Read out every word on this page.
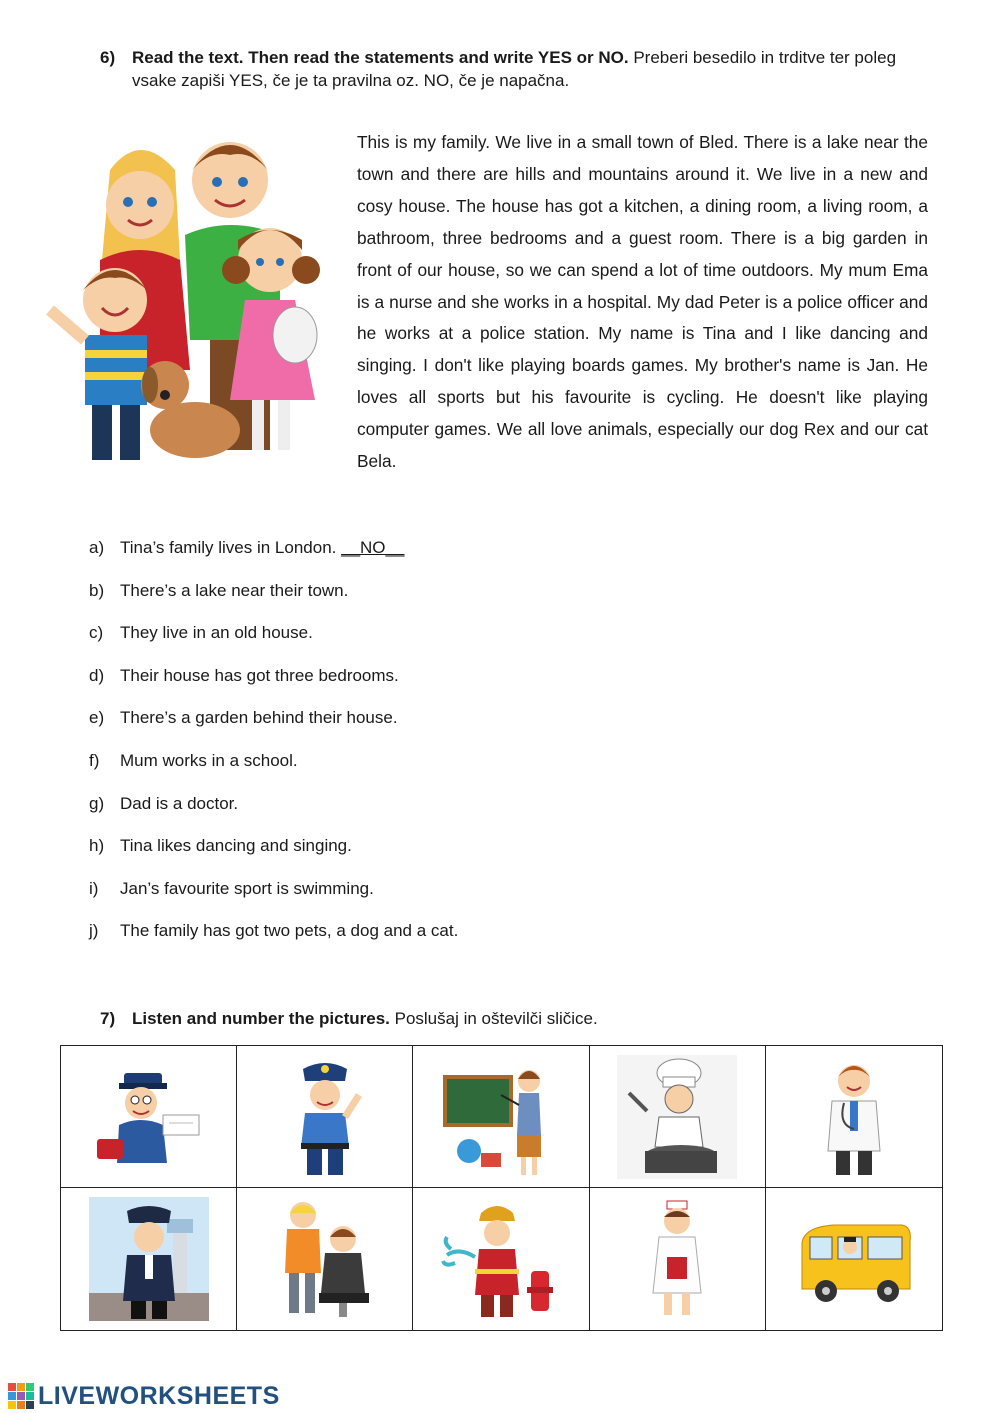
6) Read the text. Then read the statements and write YES or NO. Preberi besedilo in trditve ter poleg vsake zapiši YES, če je ta pravilna oz. NO, če je napačna.
This is my family. We live in a small town of Bled. There is a lake near the town and there are hills and mountains around it. We live in a new and cosy house. The house has got a kitchen, a dining room, a living room, a bathroom, three bedrooms and a guest room. There is a big garden in front of our house, so we can spend a lot of time outdoors. My mum Ema is a nurse and she works in a hospital. My dad Peter is a police officer and he works at a police station. My name is Tina and I like dancing and singing. I don't like playing boards games. My brother's name is Jan. He loves all sports but his favourite is cycling. He doesn't like playing computer games. We all love animals, especially our dog Rex and our cat Bela.
a) Tina’s family lives in London. __NO__
b) There’s a lake near their town.
c) They live in an old house.
d) Their house has got three bedrooms.
e) There’s a garden behind their house.
f) Mum works in a school.
g) Dad is a doctor.
h) Tina likes dancing and singing.
i) Jan’s favourite sport is swimming.
j) The family has got two pets, a dog and a cat.
7) Listen and number the pictures. Poslušaj in oštevilči sličice.
LIVEWORKSHEETS
